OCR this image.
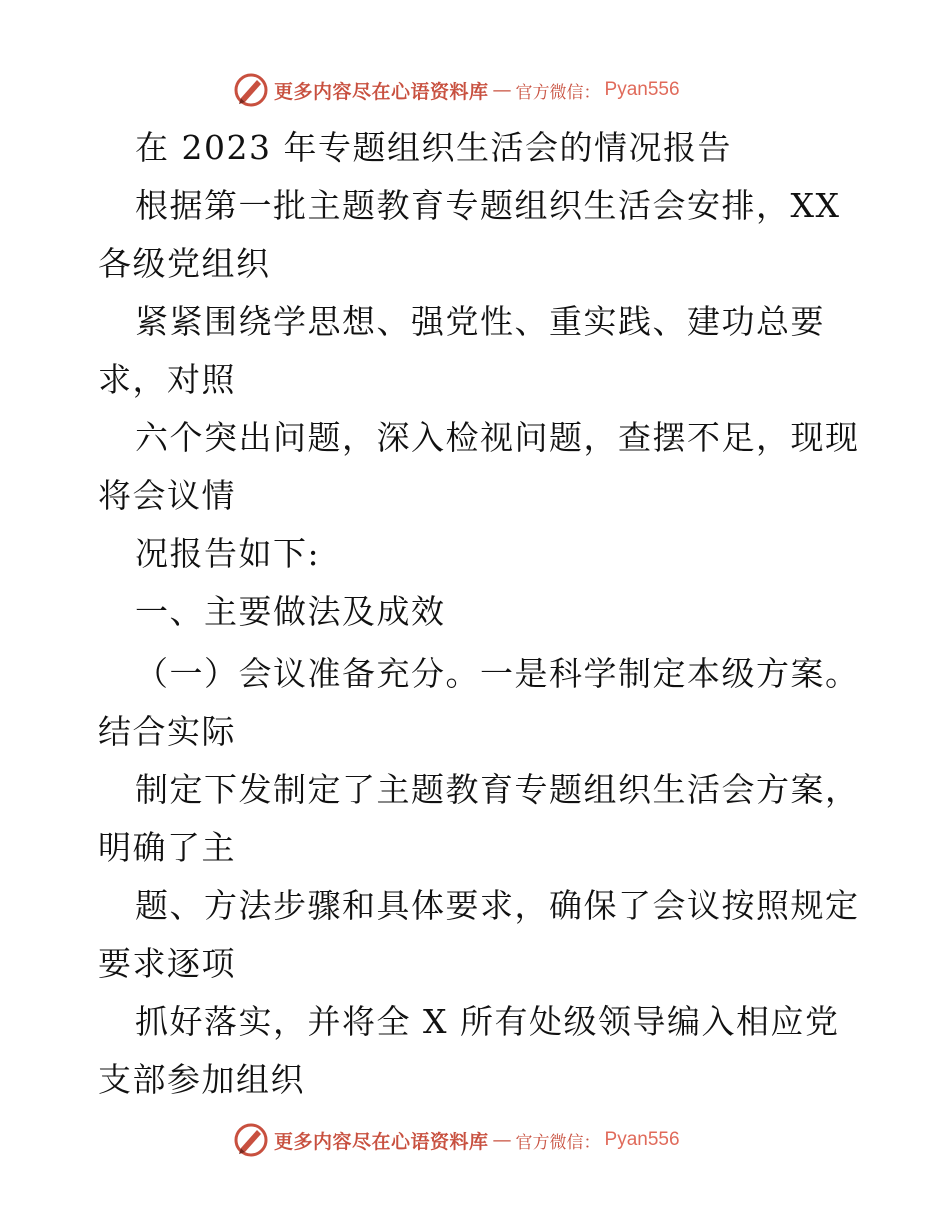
更多内容尽在心语资料库 — 官方微信： Pyan556
在 2023 年专题组织生活会的情况报告
根据第一批主题教育专题组织生活会安排，XX
各级党组织
紧紧围绕学思想、强党性、重实践、建功总要
求，对照
六个突出问题，深入检视问题，查摆不足，现现
将会议情
况报告如下:
一、主要做法及成效
（一）会议准备充分。一是科学制定本级方案。
结合实际
制定下发制定了主题教育专题组织生活会方案，
明确了主
题、方法步骤和具体要求，确保了会议按照规定
要求逐项
抓好落实，并将全 X 所有处级领导编入相应党
支部参加组织
更多内容尽在心语资料库 — 官方微信： Pyan556
